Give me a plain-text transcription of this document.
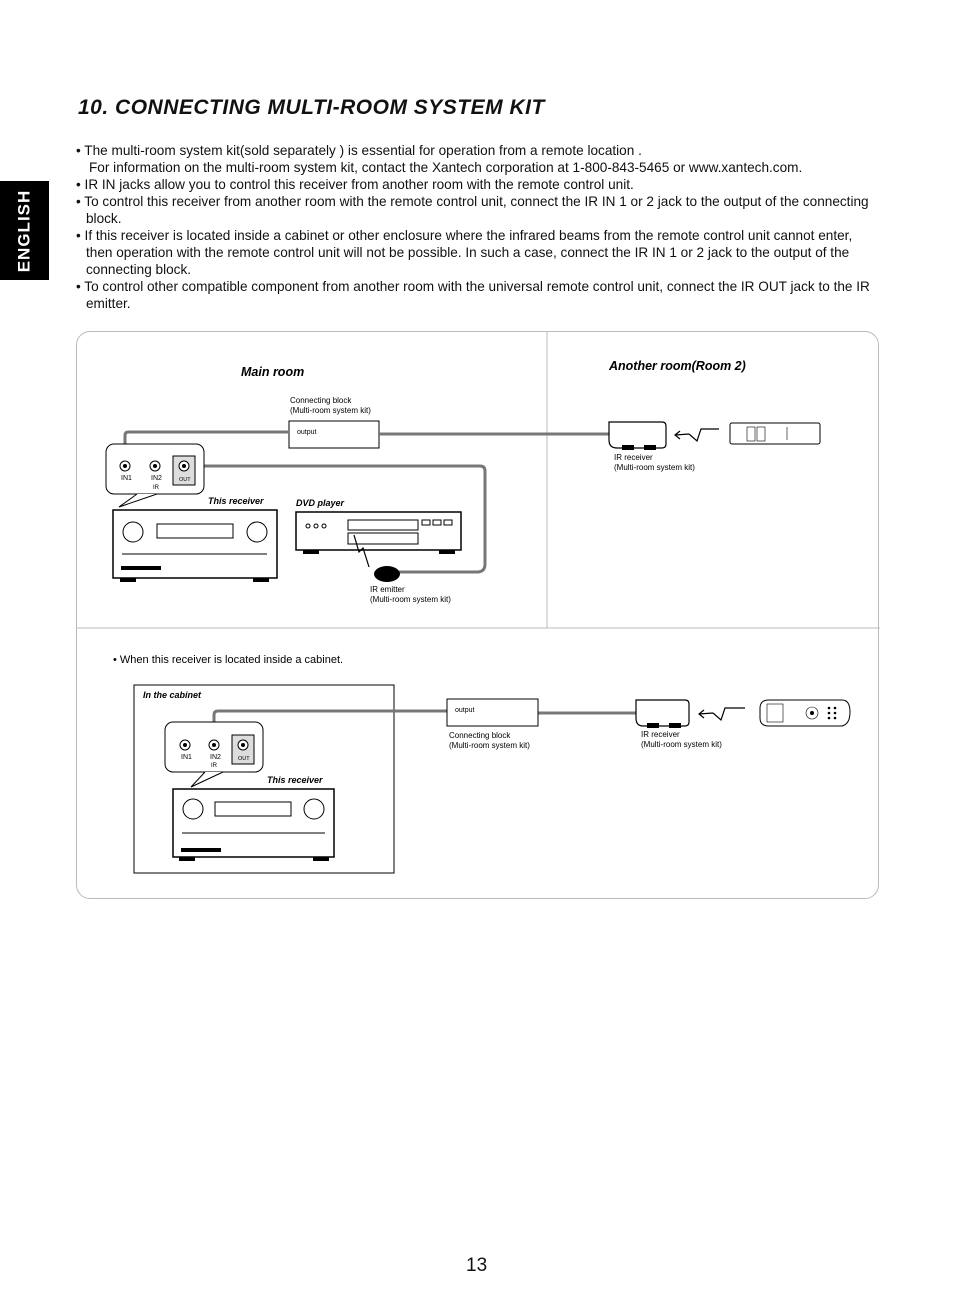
ENGLISH
10. CONNECTING MULTI-ROOM SYSTEM KIT
• The multi-room system kit(sold separately ) is essential for operation from a remote location .
For information on the multi-room system kit, contact the Xantech corporation at 1-800-843-5465 or www.xantech.com.
• IR IN jacks allow you to control this receiver from another room with the remote control unit.
• To control this receiver from another room with the remote control unit, connect the IR IN 1 or 2 jack to the output of the connecting block.
• If this receiver is located inside a cabinet or other enclosure where the infrared beams from the remote control unit cannot enter, then operation with the remote control unit will not be possible. In such a case, connect the IR IN 1 or 2 jack to the output of the connecting block.
• To control other compatible component from another room with the universal remote control unit, connect the IR OUT jack to the IR emitter.
Main room	Another room(Room 2)
Connecting block
(Multi-room system kit)
output
IN1	IN2
IR
OUT
This receiver	DVD player
IR emitter
(Multi-room system kit)
IR receiver
(Multi-room system kit)
• When this receiver is located inside a cabinet.
In the cabinet
IN1	IN2
IR
OUT
This receiver
output
Connecting block
(Multi-room system kit)
IR receiver
(Multi-room system kit)
13
